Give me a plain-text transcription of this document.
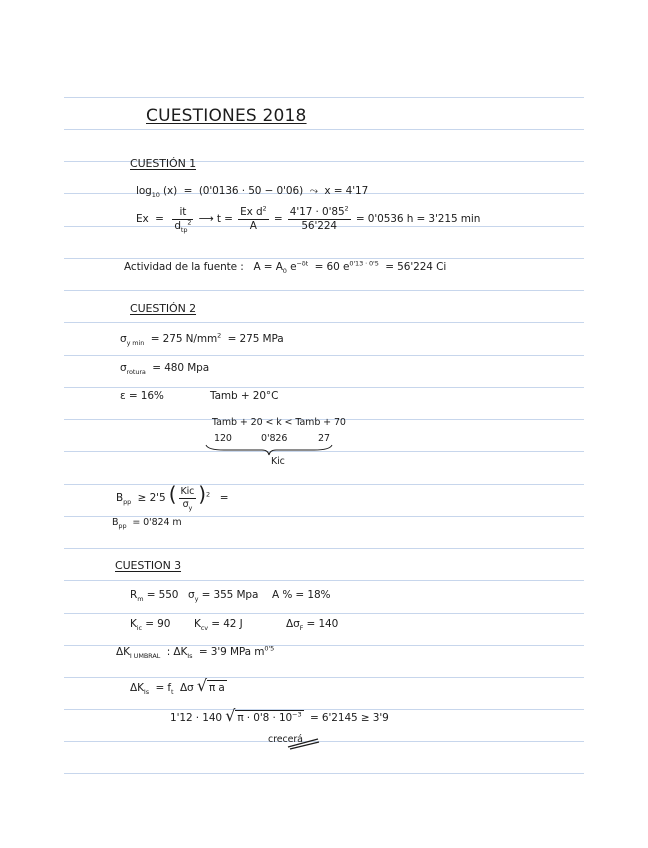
CUESTIONES 2018
CUESTIÓN 1
$\log_{10} (x) = (0'0136 \cdot 50 - 0'06)$ ⤳ x = 4'17
$Ex = \frac{it}{d_{tp}^2}$ ⟶ $t = \frac{Ex d^2}{A} = \frac{4'17 \cdot 0'85^2}{56'224} = 0'0536$ h = 3'215 min
Actividad de la fuente : $A = A_0$ $e^{-\delta t} = 60$ $e^{0'13 \cdot 0'5} = 56'224$ Ci
CUESTIÓN 2
$\sigma_{y min} = 275$ $N/mm^2 = 275$ MPa
$\sigma_{rotura} = 480$ Mpa
ε = 16%	Tamb + 20°C
Tamb + 20 < k < Tamb + 70
120	0'826	27
Kic
$B_{pp} \ge 2'5$ ( $\frac{\text{Kic}}{\sigma_y} )^2$ =
$B_{pp} = 0'824$ m
CUESTION 3
$R_m = 550$ $\sigma_y = 355$ Mpa A % = 18%
$K_{ic} = 90$ $K_{cv} = 42$ J	$\Delta\sigma_F = 140$
$\Delta K_{I UMBRAL}$ : $\Delta K_{Is} = 3'9$ MPa $m^{0'5}$
$\Delta K_{Is} = f_t$ Δσ √ π a
1'12 · 140 √ $\pi \cdot 0'8 \cdot 10^{-3} = 6'2145 \ge 3'9$
crecerá
